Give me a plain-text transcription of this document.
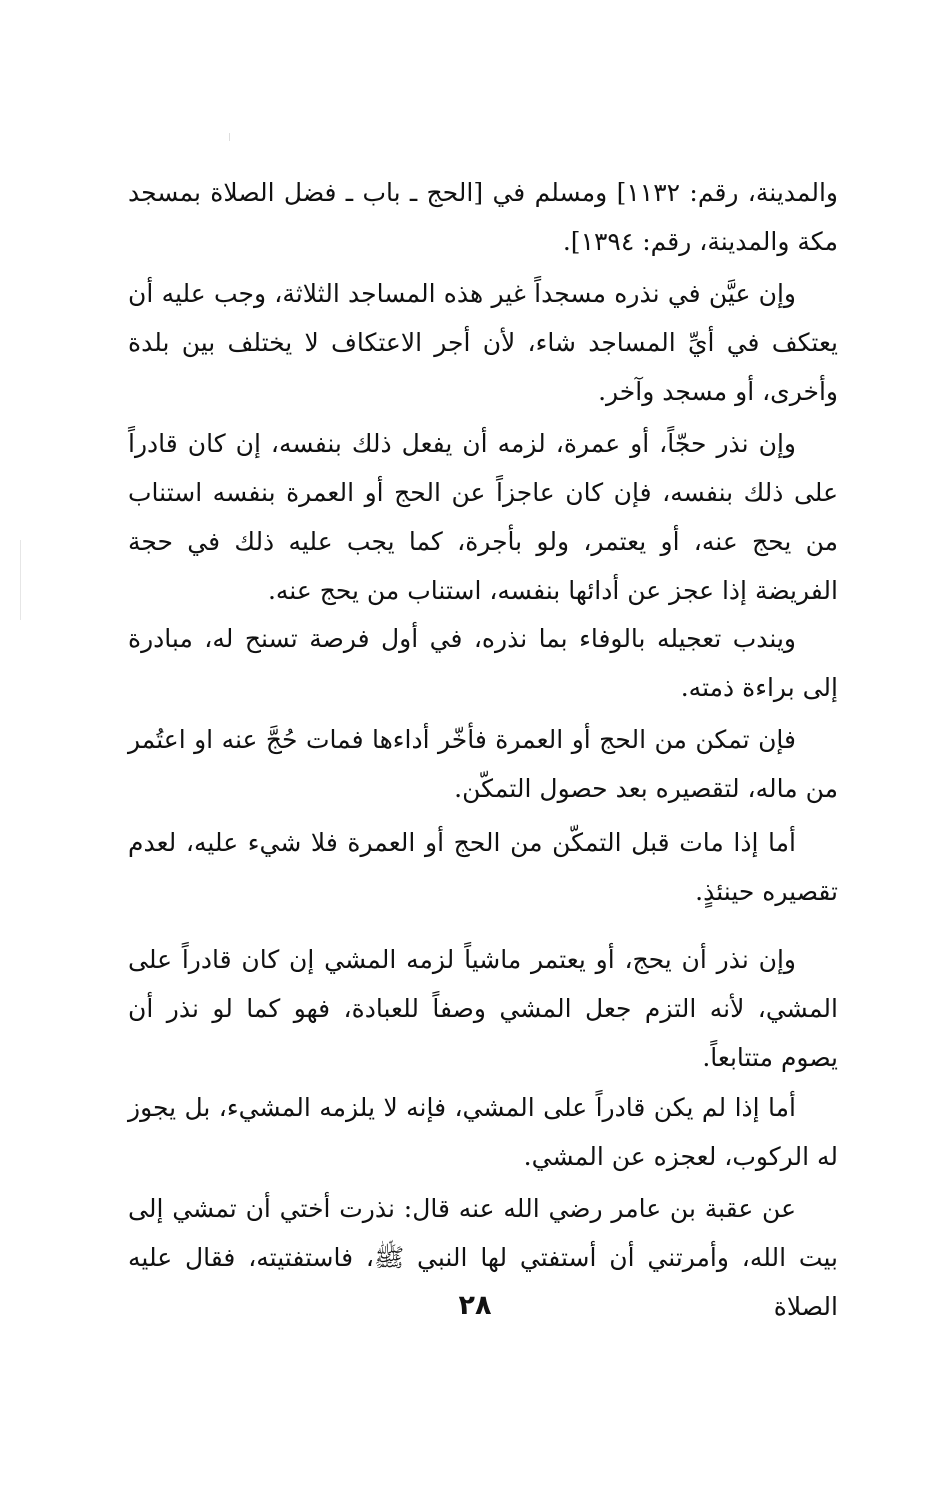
والمدينة، رقم: ١١٣٢] ومسلم في [الحج ـ باب ـ فضل الصلاة بمسجد مكة والمدينة، رقم: ١٣٩٤].

وإن عيَّن في نذره مسجداً غير هذه المساجد الثلاثة، وجب عليه أن يعتكف في أيِّ المساجد شاء، لأن أجر الاعتكاف لا يختلف بين بلدة وأخرى، أو مسجد وآخر.

وإن نذر حجّاً، أو عمرة، لزمه أن يفعل ذلك بنفسه، إن كان قادراً على ذلك بنفسه، فإن كان عاجزاً عن الحج أو العمرة بنفسه استناب من يحج عنه، أو يعتمر، ولو بأجرة، كما يجب عليه ذلك في حجة الفريضة إذا عجز عن أدائها بنفسه، استناب من يحج عنه.

ويندب تعجيله بالوفاء بما نذره، في أول فرصة تسنح له، مبادرة إلى براءة ذمته.

فإن تمكن من الحج أو العمرة فأخّر أداءها فمات حُجَّ عنه او اعتُمر من ماله، لتقصيره بعد حصول التمكّن.

أما إذا مات قبل التمكّن من الحج أو العمرة فلا شيء عليه، لعدم تقصيره حينئذٍ.

وإن نذر أن يحج، أو يعتمر ماشياً لزمه المشي إن كان قادراً على المشي، لأنه التزم جعل المشي وصفاً للعبادة، فهو كما لو نذر أن يصوم متتابعاً.

أما إذا لم يكن قادراً على المشي، فإنه لا يلزمه المشيء، بل يجوز له الركوب، لعجزه عن المشي.

عن عقبة بن عامر رضي الله عنه قال: نذرت أختي أن تمشي إلى بيت الله، وأمرتني أن أستفتي لها النبي ﷺ، فاستفتيته، فقال عليه الصلاة

٢٨
